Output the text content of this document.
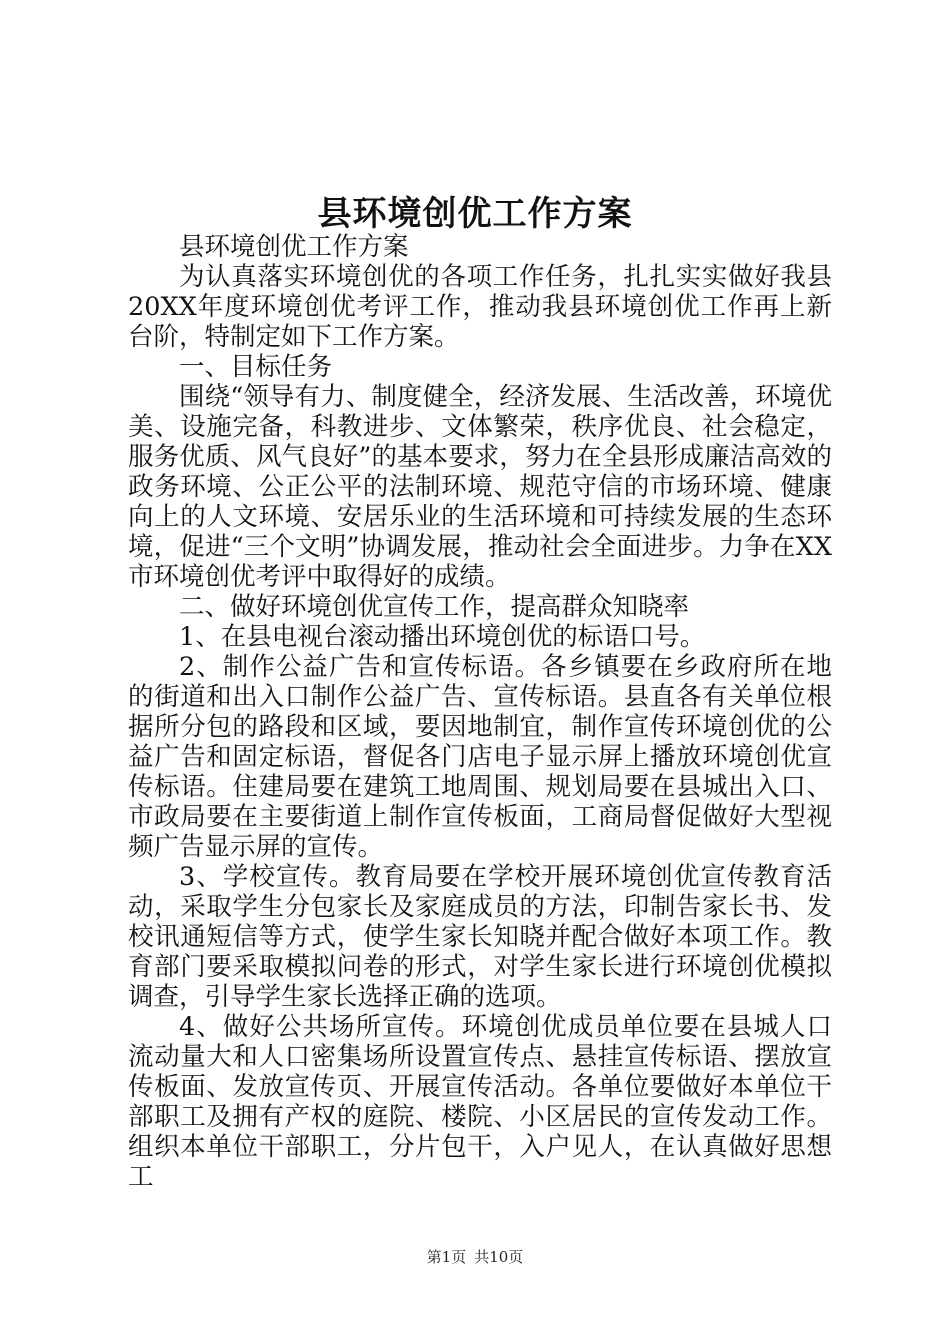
县环境创优工作方案

县环境创优工作方案

为认真落实环境创优的各项工作任务，扎扎实实做好我县20XX年度环境创优考评工作，推动我县环境创优工作再上新台阶，特制定如下工作方案。

一、目标任务

围绕“领导有力、制度健全，经济发展、生活改善，环境优美、设施完备，科教进步、文体繁荣，秩序优良、社会稳定，服务优质、风气良好”的基本要求，努力在全县形成廉洁高效的政务环境、公正公平的法制环境、规范守信的市场环境、健康向上的人文环境、安居乐业的生活环境和可持续发展的生态环境，促进“三个文明”协调发展，推动社会全面进步。力争在XX市环境创优考评中取得好的成绩。

二、做好环境创优宣传工作，提高群众知晓率

1、在县电视台滚动播出环境创优的标语口号。

2、制作公益广告和宣传标语。各乡镇要在乡政府所在地的街道和出入口制作公益广告、宣传标语。县直各有关单位根据所分包的路段和区域，要因地制宜，制作宣传环境创优的公益广告和固定标语，督促各门店电子显示屏上播放环境创优宣传标语。住建局要在建筑工地周围、规划局要在县城出入口、市政局要在主要街道上制作宣传板面，工商局督促做好大型视频广告显示屏的宣传。

3、学校宣传。教育局要在学校开展环境创优宣传教育活动，采取学生分包家长及家庭成员的方法，印制告家长书、发校讯通短信等方式，使学生家长知晓并配合做好本项工作。教育部门要采取模拟问卷的形式，对学生家长进行环境创优模拟调查，引导学生家长选择正确的选项。

4、做好公共场所宣传。环境创优成员单位要在县城人口流动量大和人口密集场所设置宣传点、悬挂宣传标语、摆放宣传板面、发放宣传页、开展宣传活动。各单位要做好本单位干部职工及拥有产权的庭院、楼院、小区居民的宣传发动工作。组织本单位干部职工，分片包干，入户见人，在认真做好思想工

第1页 共10页
